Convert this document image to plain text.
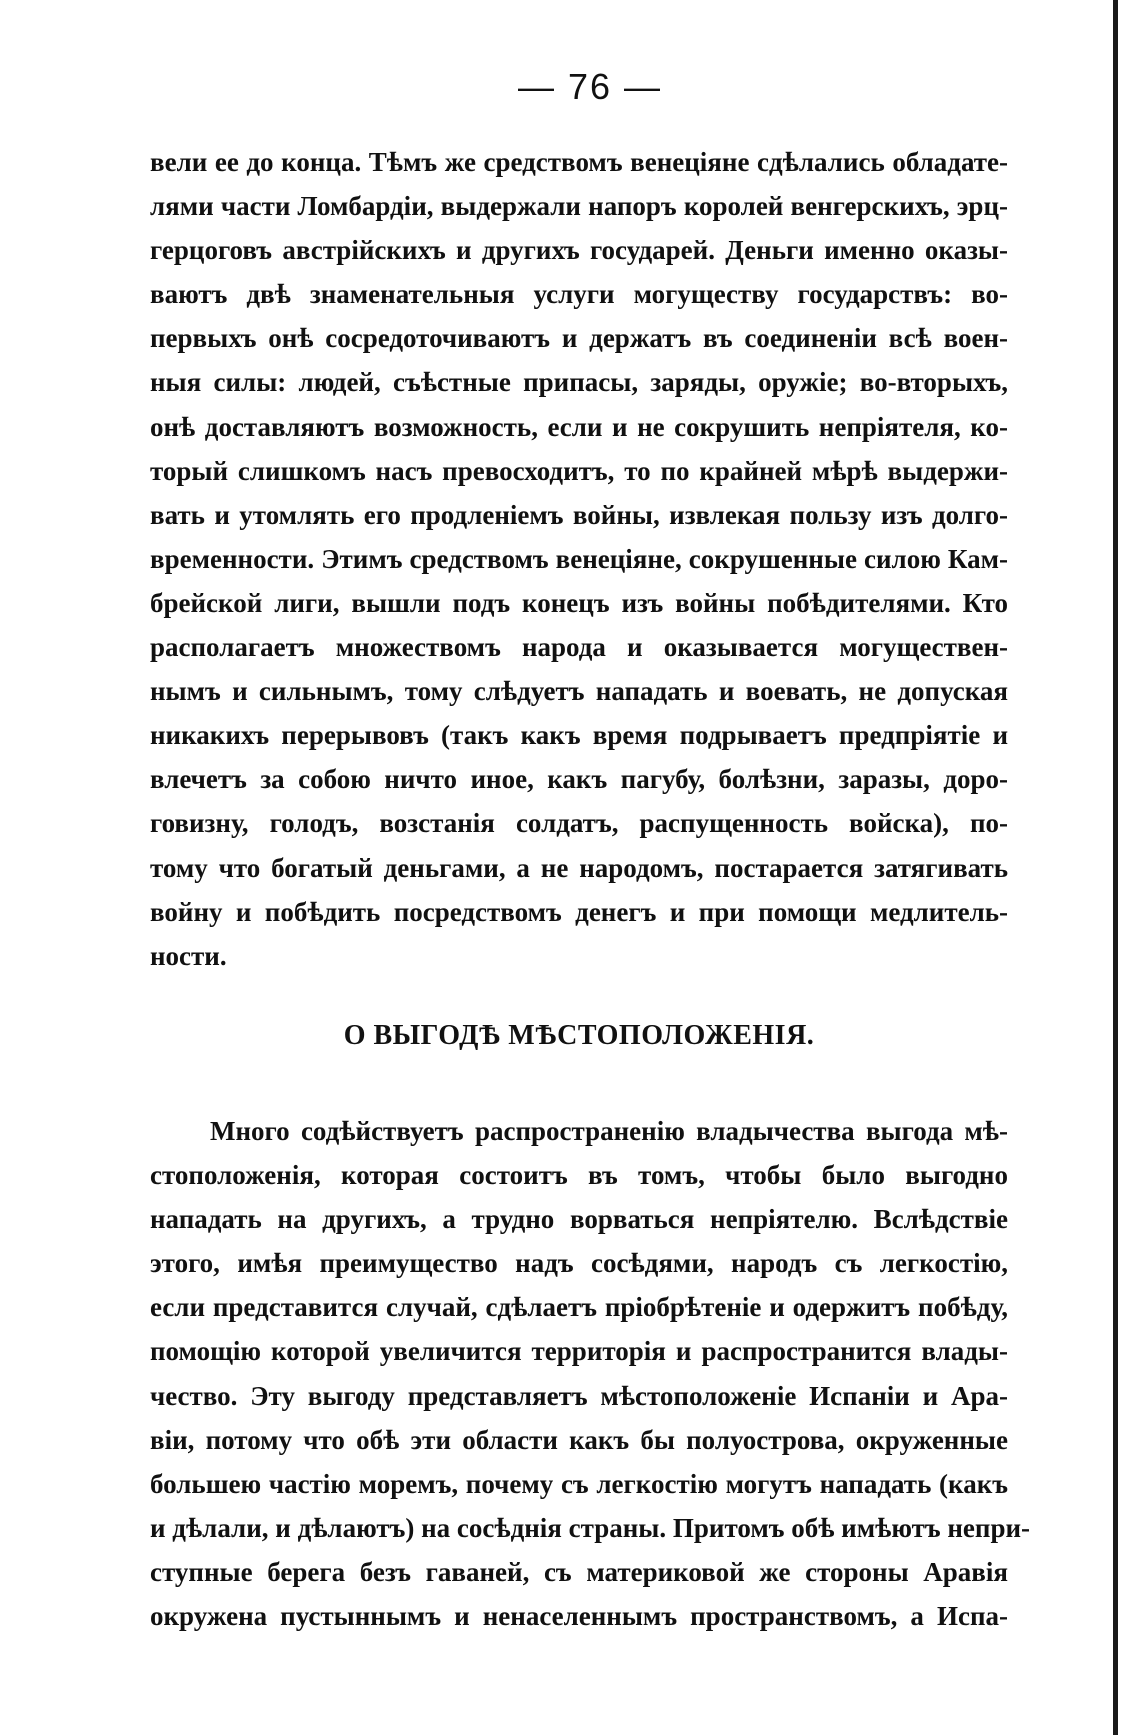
— 76 —
вели ее до конца. Тѣмъ же средствомъ венеціяне сдѣлались обладате-
лями части Ломбардіи, выдержали напоръ королей венгерскихъ, эрц-
герцоговъ австрійскихъ и другихъ государей. Деньги именно оказы-
ваютъ двѣ знаменательныя услуги могуществу государствъ: во-
первыхъ онѣ сосредоточиваютъ и держатъ въ соединеніи всѣ воен-
ныя силы: людей, съѣстные припасы, заряды, оружіе; во-вторыхъ,
онѣ доставляютъ возможность, если и не сокрушить непріятеля, ко-
торый слишкомъ насъ превосходитъ, то по крайней мѣрѣ выдержи-
вать и утомлять его продленіемъ войны, извлекая пользу изъ долго-
временности. Этимъ средствомъ венеціяне, сокрушенные силою Кам-
брейской лиги, вышли подъ конецъ изъ войны побѣдителями. Кто
располагаетъ множествомъ народа и оказывается могуществен-
нымъ и сильнымъ, тому слѣдуетъ нападать и воевать, не допуская
никакихъ перерывовъ (такъ какъ время подрываетъ предпріятіе и
влечетъ за собою ничто иное, какъ пагубу, болѣзни, заразы, доро-
говизну, голодъ, возстанія солдатъ, распущенность войска), по-
тому что богатый деньгами, а не народомъ, постарается затягивать
войну и побѣдить посредствомъ денегъ и при помощи медлитель-
ности.
О ВЫГОДѢ МѢСТОПОЛОЖЕНІЯ.
Много содѣйствуетъ распространенію владычества выгода мѣ-
стоположенія, которая состоитъ въ томъ, чтобы было выгодно
нападать на другихъ, а трудно ворваться непріятелю. Вслѣдствіе
этого, имѣя преимущество надъ сосѣдями, народъ съ легкостію,
если представится случай, сдѣлаетъ пріобрѣтеніе и одержитъ побѣду,
помощію которой увеличится территорія и распространится влады-
чество. Эту выгоду представляетъ мѣстоположеніе Испаніи и Ара-
віи, потому что обѣ эти области какъ бы полуострова, окруженные
большею частію моремъ, почему съ легкостію могутъ нападать (какъ
и дѣлали, и дѣлаютъ) на сосѣднія страны. Притомъ обѣ имѣютъ непри-
ступные берега безъ гаваней, съ материковой же стороны Аравія
окружена пустыннымъ и ненаселеннымъ пространствомъ, а Испа-
